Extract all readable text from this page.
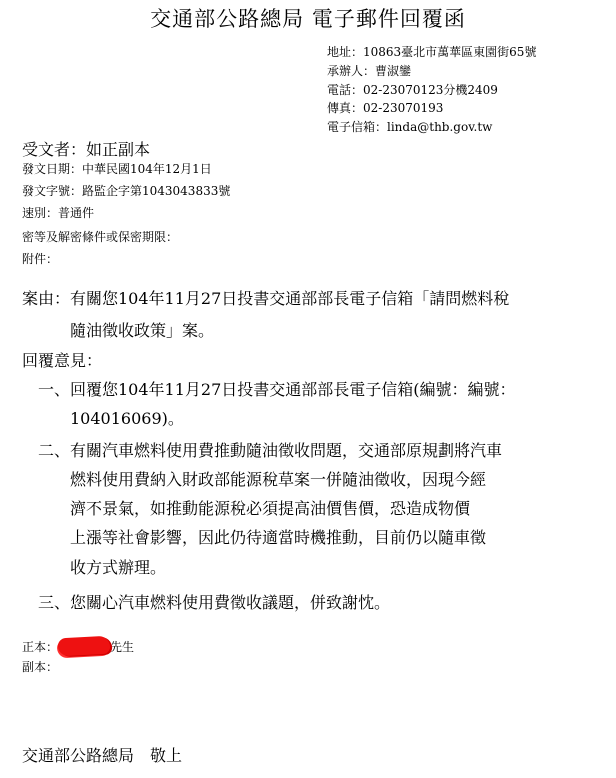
交通部公路總局 電子郵件回覆函
地址：10863臺北市萬華區東園街65號
承辦人：曹淑鑾
電話：02-23070123分機2409
傳真：02-23070193
電子信箱：linda@thb.gov.tw
受文者：如正副本
發文日期：中華民國104年12月1日
發文字號：路監企字第1043043833號
速別：普通件
密等及解密條件或保密期限：
附件：
案由：有關您104年11月27日投書交通部部長電子信箱「請問燃料稅
隨油徵收政策」案。
回覆意見：
一、回覆您104年11月27日投書交通部部長電子信箱(編號：編號：
104016069)。
二、有關汽車燃料使用費推動隨油徵收問題，交通部原規劃將汽車
燃料使用費納入財政部能源稅草案一併隨油徵收，因現今經
濟不景氣，如推動能源稅必須提高油價售價，恐造成物價
上漲等社會影響，因此仍待適當時機推動，目前仍以隨車徵
收方式辦理。
三、您關心汽車燃料使用費徵收議題，併致謝忱。
正本：	先生
副本：
交通部公路總局　敬上
